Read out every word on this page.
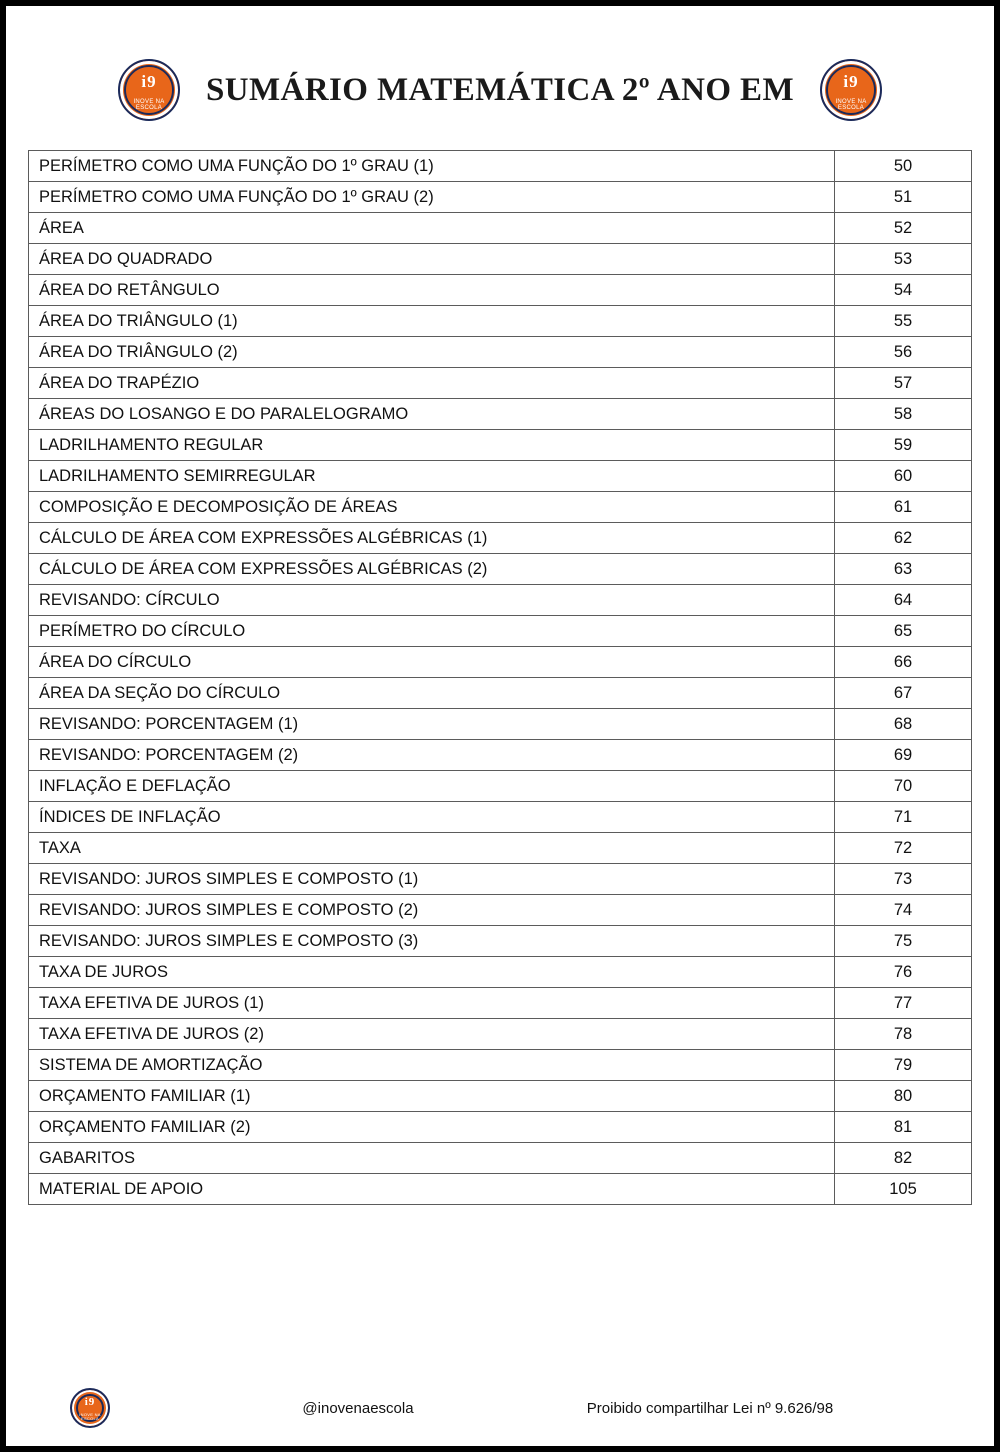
i9
INOVE NA ESCOLA
SUMÁRIO MATEMÁTICA 2º ANO EM	i9
INOVE NA ESCOLA
PERÍMETRO COMO UMA FUNÇÃO DO 1º GRAU (1)	50
PERÍMETRO COMO UMA FUNÇÃO DO 1º GRAU (2)	51
ÁREA	52
ÁREA DO QUADRADO	53
ÁREA DO RETÂNGULO	54
ÁREA DO TRIÂNGULO (1)	55
ÁREA DO TRIÂNGULO (2)	56
ÁREA DO TRAPÉZIO	57
ÁREAS DO LOSANGO E DO PARALELOGRAMO	58
LADRILHAMENTO REGULAR	59
LADRILHAMENTO SEMIRREGULAR	60
COMPOSIÇÃO E DECOMPOSIÇÃO DE ÁREAS	61
CÁLCULO DE ÁREA COM EXPRESSÕES ALGÉBRICAS (1)	62
CÁLCULO DE ÁREA COM EXPRESSÕES ALGÉBRICAS (2)	63
REVISANDO: CÍRCULO	64
PERÍMETRO DO CÍRCULO	65
ÁREA DO CÍRCULO	66
ÁREA DA SEÇÃO DO CÍRCULO	67
REVISANDO: PORCENTAGEM (1)	68
REVISANDO: PORCENTAGEM (2)	69
INFLAÇÃO E DEFLAÇÃO	70
ÍNDICES DE INFLAÇÃO	71
TAXA	72
REVISANDO: JUROS SIMPLES E COMPOSTO (1)	73
REVISANDO: JUROS SIMPLES E COMPOSTO (2)	74
REVISANDO: JUROS SIMPLES E COMPOSTO (3)	75
TAXA DE JUROS	76
TAXA EFETIVA DE JUROS (1)	77
TAXA EFETIVA DE JUROS (2)	78
SISTEMA DE AMORTIZAÇÃO	79
ORÇAMENTO FAMILIAR (1)	80
ORÇAMENTO FAMILIAR (2)	81
GABARITOS	82
MATERIAL DE APOIO	105
i9
INOVE NA ESCOLA
@inovenaescola	Proibido compartilhar Lei nº 9.626/98
